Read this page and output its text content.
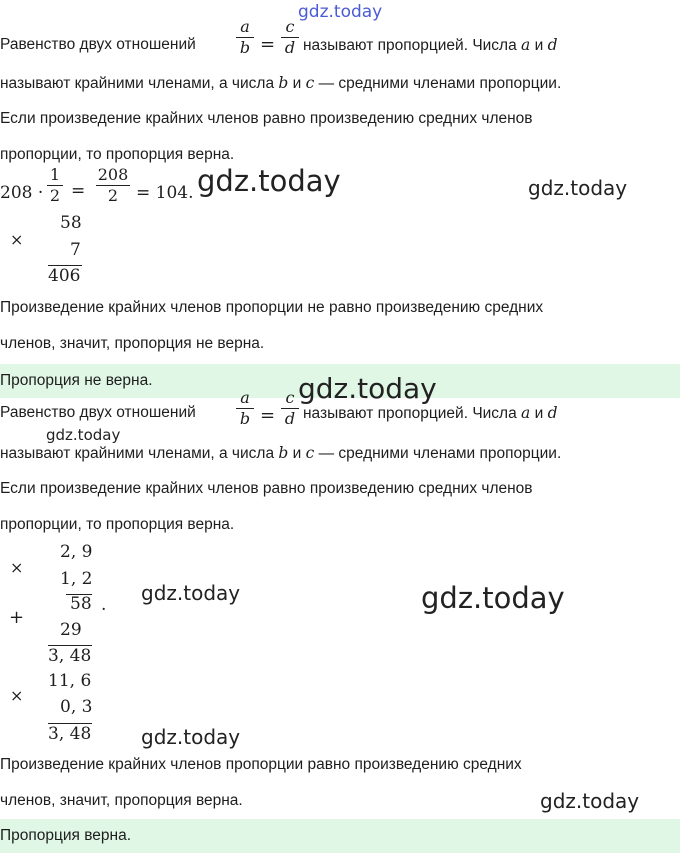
gdz.today
Равенство двух отношений
a
b =
c
d называют пропорцией. Числа a и d
называют крайними членами, а числа b и c — средними членами пропорции.
Если произведение крайних членов равно произведению средних членов
пропорции, то пропорция верна.
208 ·
1
2 =
208
2	= 104. gdz.today	gdz.today
×
58
7
406
Произведение крайних членов пропорции не равно произведению средних
членов, значит, пропорция не верна.
Пропорция не верна.	gdz.today
Равенство двух отношений
a
b =
c
d называют пропорцией. Числа a и d
gdz.today
называют крайними членами, а числа b и c — средними членами пропорции.
Если произведение крайних членов равно произведению средних членов
пропорции, то пропорция верна.
×
2, 9
1, 2
58 .
+
29
3, 48
gdz.today	gdz.today
×
11, 6
0, 3
3, 48 gdz.today
Произведение крайних членов пропорции равно произведению средних
членов, значит, пропорция верна.	gdz.today
Пропорция верна.
